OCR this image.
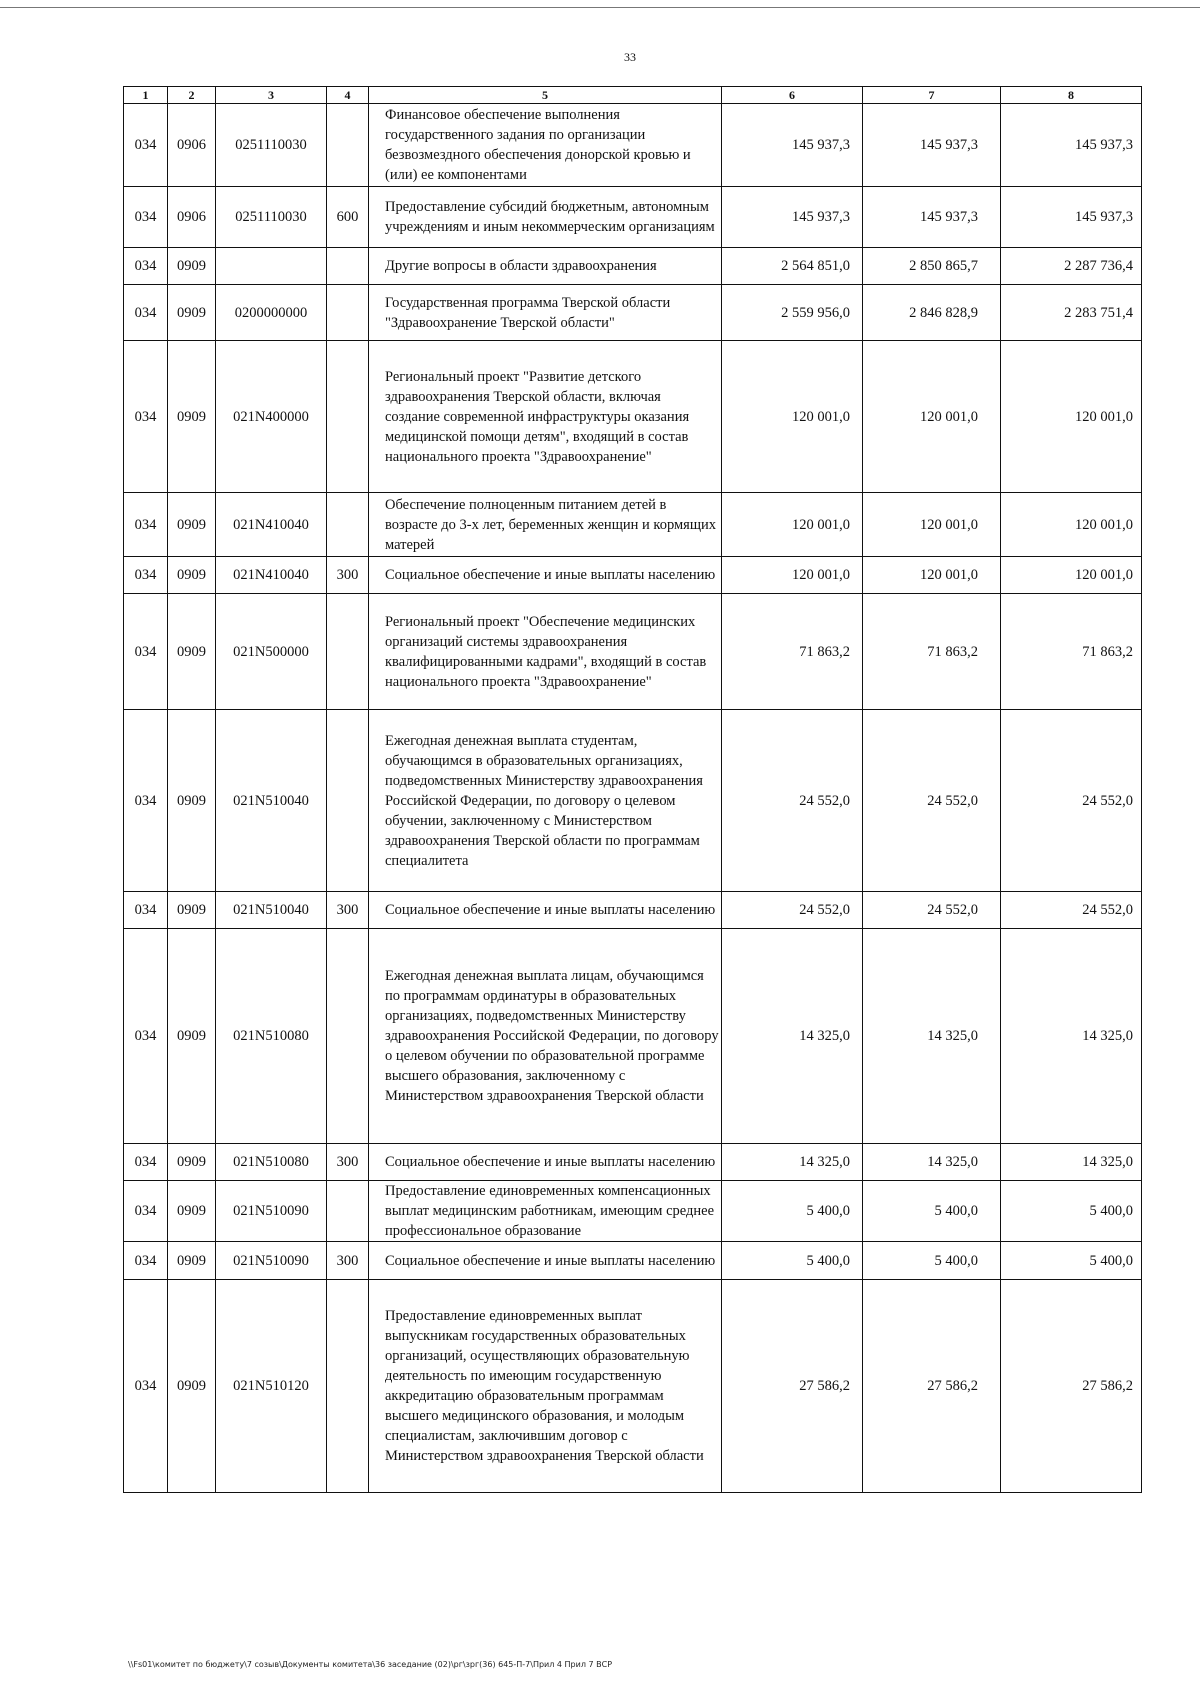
33
1	2	3	4	5	6	7	8
034	0906	0251110030		Финансовое обеспечение выполнения государственного задания по организации безвозмездного обеспечения донорской кровью и (или) ее компонентами	145 937,3	145 937,3	145 937,3
034	0906	0251110030	600	Предоставление субсидий бюджетным, автономным учреждениям и иным некоммерческим организациям	145 937,3	145 937,3	145 937,3
034	0909			Другие вопросы в области здравоохранения	2 564 851,0	2 850 865,7	2 287 736,4
034	0909	0200000000		Государственная программа Тверской области "Здравоохранение Тверской области"	2 559 956,0	2 846 828,9	2 283 751,4
034	0909	021N400000		Региональный проект "Развитие детского здравоохранения Тверской области, включая создание современной инфраструктуры оказания медицинской помощи детям", входящий в состав национального проекта "Здравоохранение"	120 001,0	120 001,0	120 001,0
034	0909	021N410040		Обеспечение полноценным питанием детей в возрасте до 3-х лет, беременных женщин и кормящих матерей	120 001,0	120 001,0	120 001,0
034	0909	021N410040	300	Социальное обеспечение и иные выплаты населению	120 001,0	120 001,0	120 001,0
034	0909	021N500000		Региональный проект "Обеспечение медицинских организаций системы здравоохранения квалифицированными кадрами", входящий в состав национального проекта "Здравоохранение"	71 863,2	71 863,2	71 863,2
034	0909	021N510040		Ежегодная денежная выплата студентам, обучающимся в образовательных организациях, подведомственных Министерству здравоохранения Российской Федерации, по договору о целевом обучении, заключенному с Министерством здравоохранения Тверской области по программам специалитета	24 552,0	24 552,0	24 552,0
034	0909	021N510040	300	Социальное обеспечение и иные выплаты населению	24 552,0	24 552,0	24 552,0
034	0909	021N510080		Ежегодная денежная выплата лицам, обучающимся по программам ординатуры в образовательных организациях, подведомственных Министерству здравоохранения Российской Федерации, по договору о целевом обучении по образовательной программе высшего образования, заключенному с Министерством здравоохранения Тверской области	14 325,0	14 325,0	14 325,0
034	0909	021N510080	300	Социальное обеспечение и иные выплаты населению	14 325,0	14 325,0	14 325,0
034	0909	021N510090		Предоставление единовременных компенсационных выплат медицинским работникам, имеющим среднее профессиональное образование	5 400,0	5 400,0	5 400,0
034	0909	021N510090	300	Социальное обеспечение и иные выплаты населению	5 400,0	5 400,0	5 400,0
034	0909	021N510120		Предоставление единовременных выплат выпускникам государственных образовательных организаций, осуществляющих образовательную деятельность по имеющим государственную аккредитацию образовательным программам высшего медицинского образования, и молодым специалистам, заключившим договор с Министерством здравоохранения Тверской области	27 586,2	27 586,2	27 586,2
\\Fs01\комитет по бюджету\7 созыв\Документы комитета\36 заседание (02)\рг\зрг(36) 645-П-7\Прил 4 Прил 7 ВСР
